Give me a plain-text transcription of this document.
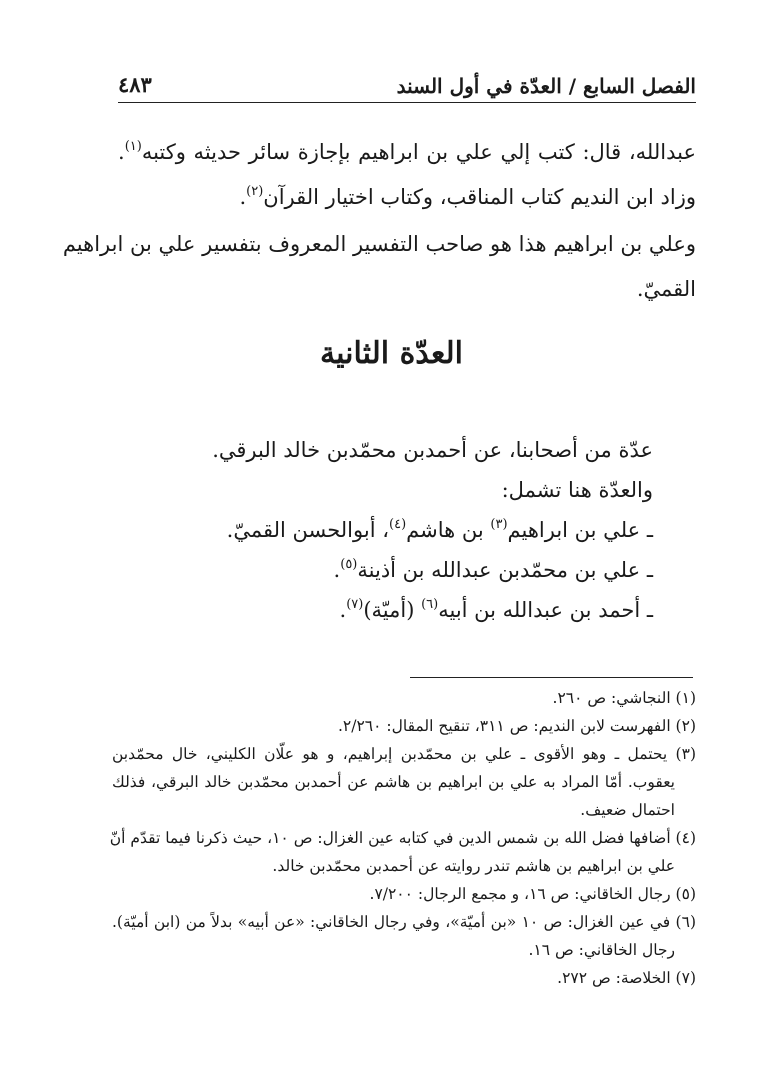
الفصل السابع / العدّة في أول السند
٤٨٣
عبدالله، قال: كتب إلي علي بن ابراهيم بإجازة سائر حديثه وكتبه$^{(١)}$.
وزاد ابن النديم كتاب المناقب، وكتاب اختيار القرآن$^{(٢)}$.
وعلي بن ابراهيم هذا هو صاحب التفسير المعروف بتفسير علي بن ابراهيم
القميّ.
العدّة الثانية
عدّة من أصحابنا، عن أحمدبن محمّدبن خالد البرقي.
والعدّة هنا تشمل:
ـ علي بن ابراهيم$^{(٣)}$ بن هاشم$^{(٤)}$، أبوالحسن القميّ.
ـ علي بن محمّدبن عبدالله بن أذينة$^{(٥)}$.
ـ أحمد بن عبدالله بن أبيه$^{(٦)}$ (أميّة)$^{(٧)}$.
(١) النجاشي: ص ٢٦٠.
(٢) الفهرست لابن النديم: ص ٣١١، تنقيح المقال: ٢/٢٦٠.
(٣) يحتمل ـ وهو الأقوى ـ علي بن محمّدبن إبراهيم، و هو علّان الكليني، خال محمّدبن
يعقوب. أمّا المراد به علي بن ابراهيم بن هاشم عن أحمدبن محمّدبن خالد البرقي، فذلك
احتمال ضعيف.
(٤) أضافها فضل الله بن شمس الدين في كتابه عين الغزال: ص ١٠، حيث ذكرنا فيما تقدّم أنّ
علي بن ابراهيم بن هاشم تندر روايته عن أحمدبن محمّدبن خالد.
(٥) رجال الخاقاني: ص ١٦، و مجمع الرجال: ٧/٢٠٠.
(٦) في عين الغزال: ص ١٠ «بن أميّة»، وفي رجال الخاقاني: «عن أبيه» بدلاً من (ابن أميّة).
رجال الخاقاني: ص ١٦.
(٧) الخلاصة: ص ٢٧٢.
